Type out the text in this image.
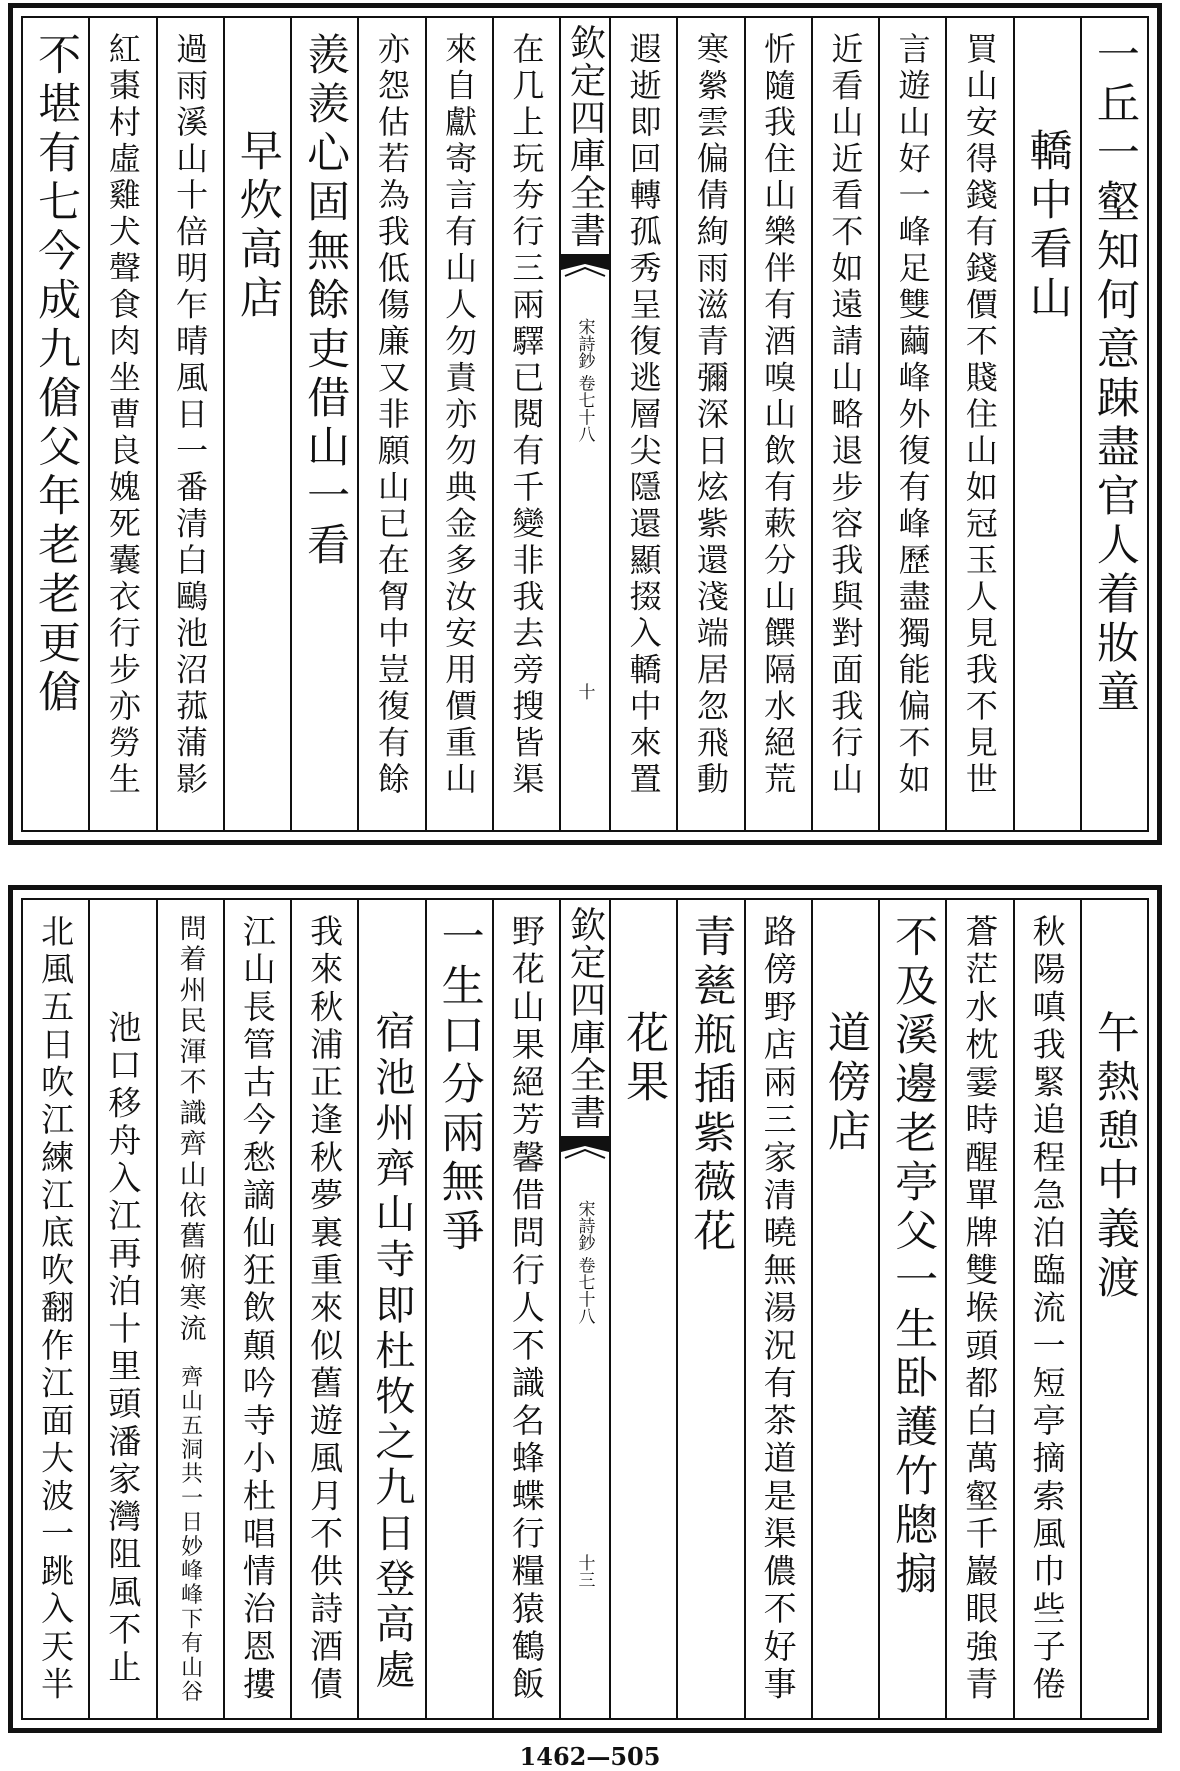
一丘一壑知何意踈盡官人着妝童
轎中看山
買山安得錢有錢價不賤住山如冠玉人見我不見世
言遊山好一峰足雙繭峰外復有峰歷盡獨能偏不如
近看山近看不如遠請山略退步容我與對面我行山
忻隨我住山樂伴有酒嗅山飲有蔌分山饌隔水絕荒
寒縈雲偏倩絢雨滋青彌深日炫紫還淺端居忽飛動
遐逝即回轉孤秀呈復逃層尖隱還顯掇入轎中來置
欽定四庫全書
宋詩鈔 卷七十八
十
在几上玩夯行三兩驛已閱有千變非我去旁搜皆渠
來自獻寄言有山人勿責亦勿典金多汝安用價重山
亦怨估若為我低傷廉又非願山已在胷中豈復有餘
羨羨心固無餘吏借山一看
早炊高店
過雨溪山十倍明乍晴風日一番清白鷗池沼菰蒲影
紅棗村虛雞犬聲食肉坐曹良媿死囊衣行步亦勞生
不堪有七今成九傖父年老老更傖
午熱憩中義渡
秋陽嗔我緊追程急泊臨流一短亭摘索風巾些子倦
蒼茫水枕霎時醒單牌雙堠頭都白萬壑千巖眼強青
不及溪邊老亭父一生卧護竹牕搧
道傍店
路傍野店兩三家清曉無湯況有茶道是渠儂不好事
青甆瓶插紫薇花
花果
欽定四庫全書
宋詩鈔 卷七十八
十三
野花山果絕芳馨借問行人不識名蜂蝶行糧猿鶴飯
一生口分兩無爭
宿池州齊山寺即杜牧之九日登高處
我來秋浦正逢秋夢裏重來似舊遊風月不供詩酒債
江山長管古今愁謫仙狂飲顛吟寺小杜唱情治恩摟
問着州民渾不識齊山依舊俯寒流
齊山五洞共一日妙峰峰下有山谷
池口移舟入江再泊十里頭潘家灣阻風不止
北風五日吹江練江底吹翻作江面大波一跳入天半
1462—505
